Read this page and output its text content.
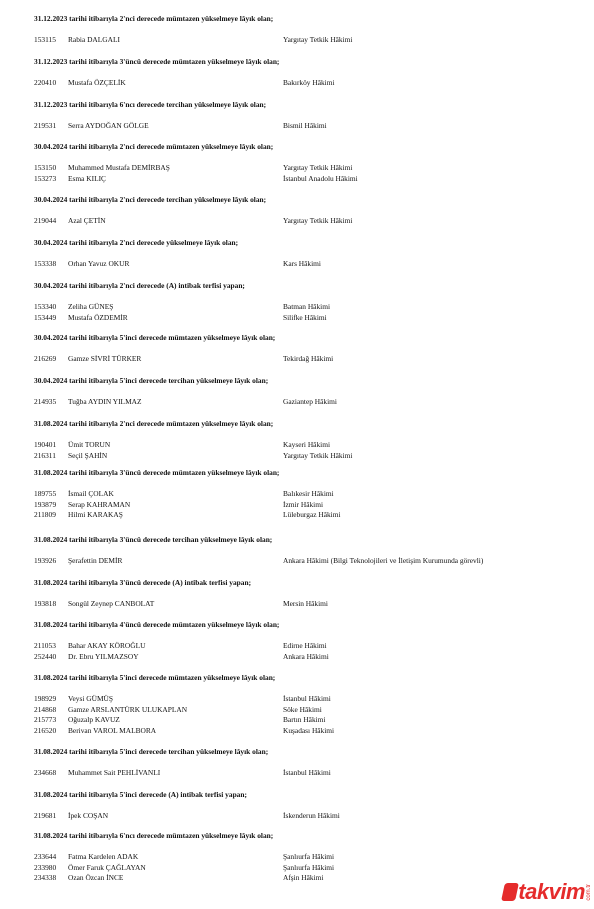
31.12.2023 tarihi itibarıyla 2'nci derecede mümtazen yükselmeye lâyık olan;
153115 Rabia DALGALI	Yargıtay Tetkik Hâkimi
31.12.2023 tarihi itibarıyla 3'üncü derecede mümtazen yükselmeye lâyık olan;
220410 Mustafa ÖZÇELİK	Bakırköy Hâkimi
31.12.2023 tarihi itibarıyla 6'ncı derecede tercihan yükselmeye lâyık olan;
219531 Serra AYDOĞAN GÖLGE	Bismil Hâkimi
30.04.2024 tarihi itibarıyla 2'nci derecede mümtazen yükselmeye lâyık olan;
153150 Muhammed Mustafa DEMİRBAŞ	Yargıtay Tetkik Hâkimi
153273 Esma KILIÇ	İstanbul Anadolu Hâkimi
30.04.2024 tarihi itibarıyla 2'nci derecede tercihan yükselmeye lâyık olan;
219044 Azal ÇETİN	Yargıtay Tetkik Hâkimi
30.04.2024 tarihi itibarıyla 2'nci derecede yükselmeye lâyık olan;
153338 Orhan Yavuz OKUR	Kars Hâkimi
30.04.2024 tarihi itibarıyla 2'nci derecede (A) intibak terfisi yapan;
153340 Zeliha GÜNEŞ	Batman Hâkimi
153449 Mustafa ÖZDEMİR	Silifke Hâkimi
30.04.2024 tarihi itibarıyla 5'inci derecede mümtazen yükselmeye lâyık olan;
216269 Gamze SİVRİ TÜRKER	Tekirdağ Hâkimi
30.04.2024 tarihi itibarıyla 5'inci derecede tercihan yükselmeye lâyık olan;
214935 Tuğba AYDIN YILMAZ	Gaziantep Hâkimi
31.08.2024 tarihi itibarıyla 2'nci derecede mümtazen yükselmeye lâyık olan;
190401 Ümit TORUN	Kayseri Hâkimi
216311 Seçil ŞAHİN	Yargıtay Tetkik Hâkimi
31.08.2024 tarihi itibarıyla 3'üncü derecede mümtazen yükselmeye lâyık olan;
189755 İsmail ÇOLAK	Balıkesir Hâkimi
193879 Serap KAHRAMAN	İzmir Hâkimi
211809 Hilmi KARAKAŞ	Lüleburgaz Hâkimi
31.08.2024 tarihi itibarıyla 3'üncü derecede tercihan yükselmeye lâyık olan;
193926 Şerafettin DEMİR	Ankara Hâkimi (Bilgi Teknolojileri ve İletişim Kurumunda görevli)
31.08.2024 tarihi itibarıyla 3'üncü derecede (A) intibak terfisi yapan;
193818 Songül Zeynep CANBOLAT	Mersin Hâkimi
31.08.2024 tarihi itibarıyla 4'üncü derecede mümtazen yükselmeye lâyık olan;
211053 Bahar AKAY KÖROĞLU	Edirne Hâkimi
252440 Dr. Ebru YILMAZSOY	Ankara Hâkimi
31.08.2024 tarihi itibarıyla 5'inci derecede mümtazen yükselmeye lâyık olan;
198929 Veysi GÜMÜŞ	İstanbul Hâkimi
214868 Gamze ARSLANTÜRK ULUKAPLAN	Söke Hâkimi
215773 Oğuzalp KAVUZ	Bartın Hâkimi
216520 Berivan VAROL MALBORA	Kuşadası Hâkimi
31.08.2024 tarihi itibarıyla 5'inci derecede tercihan yükselmeye lâyık olan;
234668 Muhammet Sait PEHLİVANLI	İstanbul Hâkimi
31.08.2024 tarihi itibarıyla 5'inci derecede (A) intibak terfisi yapan;
219681 İpek COŞAN	İskenderun Hâkimi
31.08.2024 tarihi itibarıyla 6'ncı derecede mümtazen yükselmeye lâyık olan;
233644 Fatma Kardelen ADAK	Şanlıurfa Hâkimi
233980 Ömer Faruk ÇAĞLAYAN	Şanlıurfa Hâkimi
234338 Ozan Özcan İNCE	Afşin Hâkimi
takvim com.tr
